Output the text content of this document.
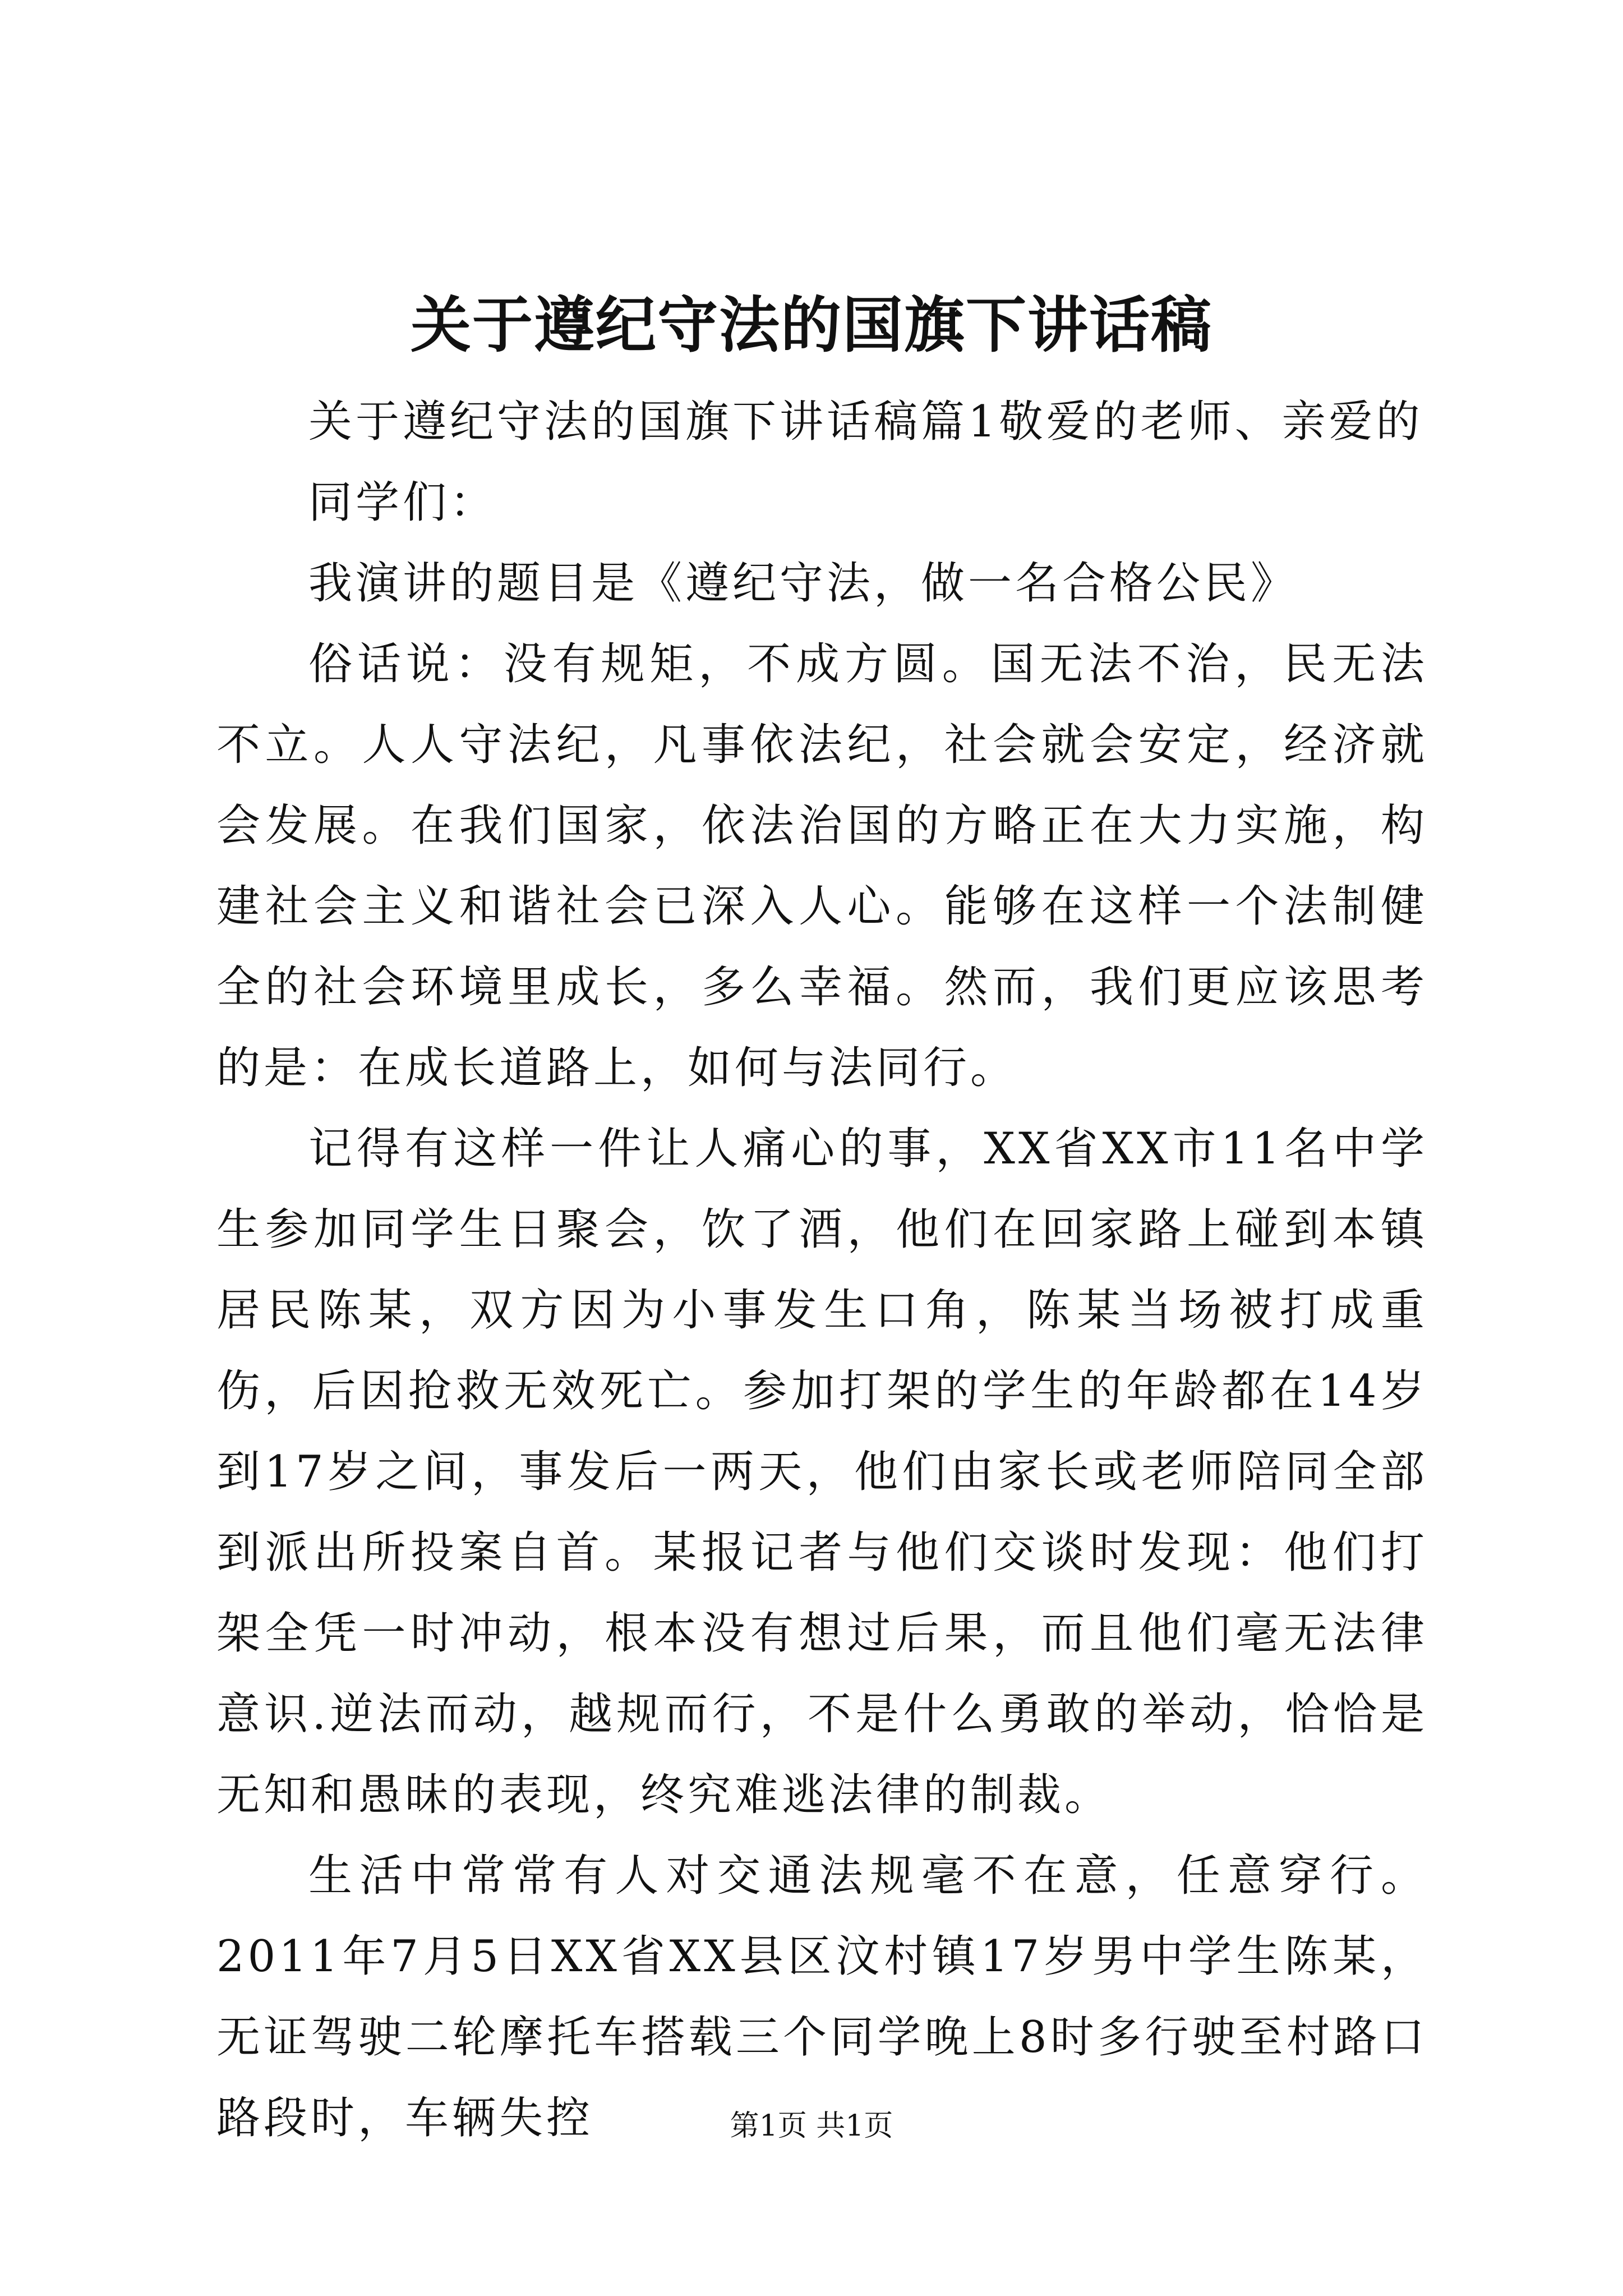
关于遵纪守法的国旗下讲话稿

关于遵纪守法的国旗下讲话稿篇1敬爱的老师、亲爱的

同学们：

我演讲的题目是《遵纪守法，做一名合格公民》

俗话说：没有规矩，不成方圆。国无法不治，民无法不立。人人守法纪，凡事依法纪，社会就会安定，经济就会发展。在我们国家，依法治国的方略正在大力实施，构建社会主义和谐社会已深入人心。能够在这样一个法制健全的社会环境里成长，多么幸福。然而，我们更应该思考的是：在成长道路上，如何与法同行。

记得有这样一件让人痛心的事，XX省XX市11名中学生参加同学生日聚会，饮了酒，他们在回家路上碰到本镇居民陈某，双方因为小事发生口角，陈某当场被打成重伤，后因抢救无效死亡。参加打架的学生的年龄都在14岁到17岁之间，事发后一两天，他们由家长或老师陪同全部到派出所投案自首。某报记者与他们交谈时发现：他们打架全凭一时冲动，根本没有想过后果，而且他们毫无法律意识.逆法而动，越规而行，不是什么勇敢的举动，恰恰是无知和愚昧的表现，终究难逃法律的制裁。

生活中常常有人对交通法规毫不在意，任意穿行。2011年7月5日XX省XX县区汶村镇17岁男中学生陈某，无证驾驶二轮摩托车搭载三个同学晚上8时多行驶至村路口路段时，车辆失控	第1页 共1页
